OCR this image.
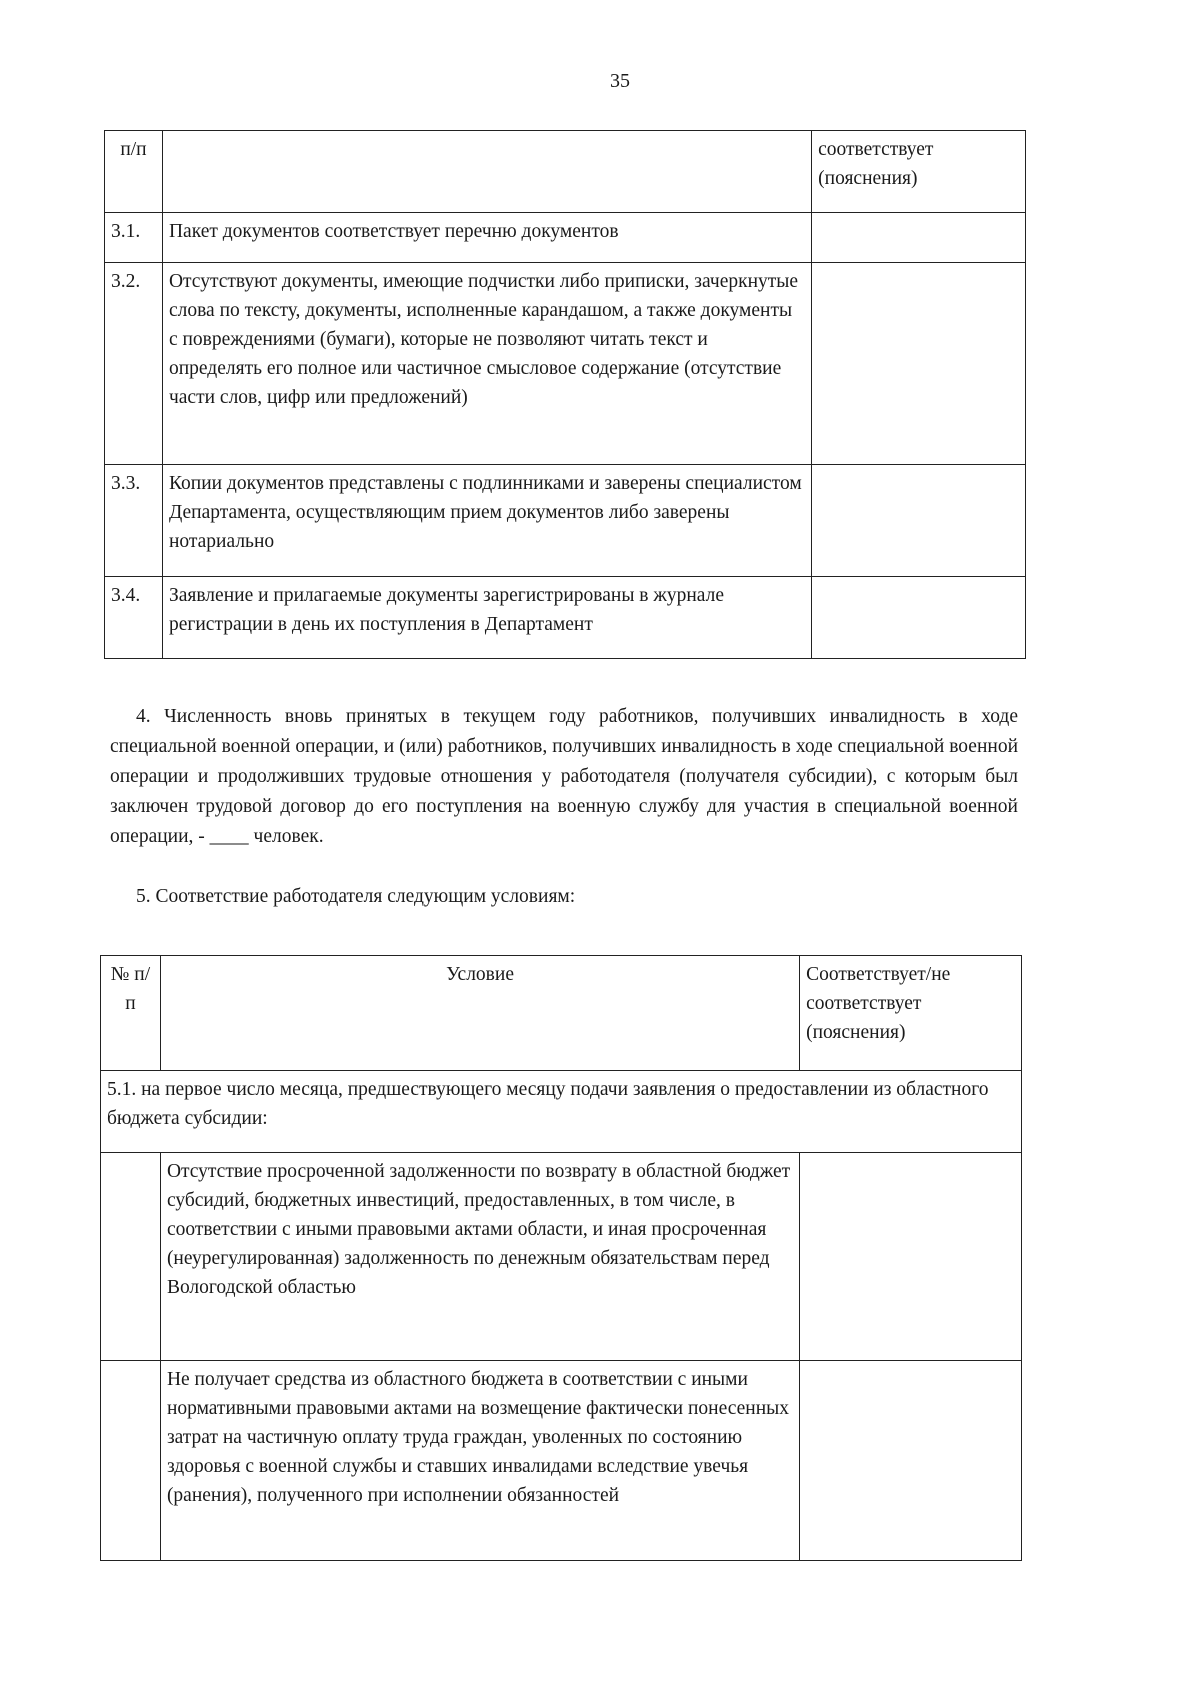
35
п/п		соответствует (пояснения)
3.1.	Пакет документов соответствует перечню документов	
3.2.	Отсутствуют документы, имеющие подчистки либо приписки, зачеркнутые слова по тексту, документы, исполненные карандашом, а также документы с повреждениями (бумаги), которые не позволяют читать текст и определять его полное или частичное смысловое содержание (отсутствие части слов, цифр или предложений)	
3.3.	Копии документов представлены с подлинниками и заверены специалистом Департамента, осуществляющим прием документов либо заверены нотариально	
3.4.	Заявление и прилагаемые документы зарегистрированы в журнале регистрации в день их поступления в Департамент	
4. Численность вновь принятых в текущем году работников, получивших инвалидность в ходе специальной военной операции, и (или) работников, получивших инвалидность в ходе специальной военной операции и продолживших трудовые отношения у работодателя (получателя субсидии), с которым был заключен трудовой договор до его поступления на военную службу для участия в специальной военной операции, - ____ человек.
5. Соответствие работодателя следующим условиям:
№ п/п	Условие	Соответствует/не соответствует (пояснения)
5.1. на первое число месяца, предшествующего месяцу подачи заявления о предоставлении из областного бюджета субсидии:		
	Отсутствие просроченной задолженности по возврату в областной бюджет субсидий, бюджетных инвестиций, предоставленных, в том числе, в соответствии с иными правовыми актами области, и иная просроченная (неурегулированная) задолженность по денежным обязательствам перед Вологодской областью	
	Не получает средства из областного бюджета в соответствии с иными нормативными правовыми актами на возмещение фактически понесенных затрат на частичную оплату труда граждан, уволенных по состоянию здоровья с военной службы и ставших инвалидами вследствие увечья (ранения), полученного при исполнении обязанностей	
